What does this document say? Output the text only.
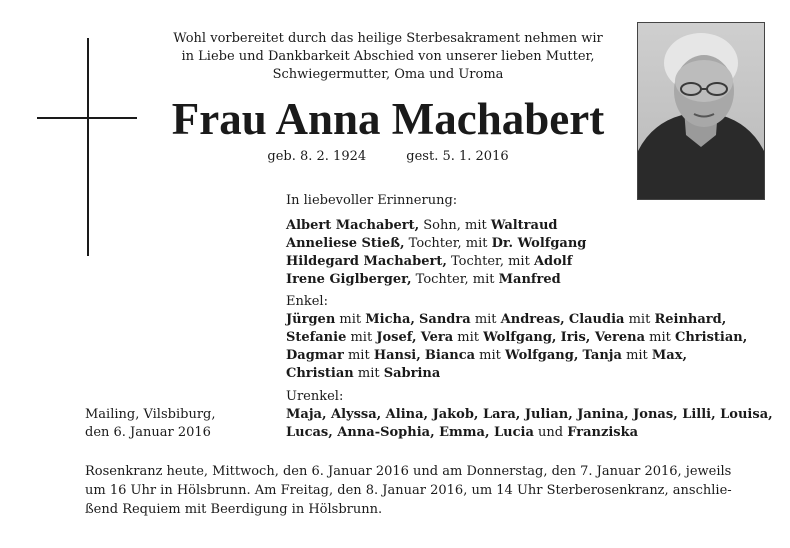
Wohl vorbereitet durch das heilige Sterbesakrament nehmen wir
in Liebe und Dankbarkeit Abschied von unserer lieben Mutter,
Schwiegermutter, Oma und Uroma
Frau Anna Machabert
geb. 8. 2. 1924	gest. 5. 1. 2016
In liebevoller Erinnerung:
Albert Machabert, Sohn, mit Waltraud
Anneliese Stieß, Tochter, mit Dr. Wolfgang
Hildegard Machabert, Tochter, mit Adolf
Irene Giglberger, Tochter, mit Manfred
Enkel:
Jürgen mit Micha, Sandra mit Andreas, Claudia mit Reinhard,
Stefanie mit Josef, Vera mit Wolfgang, Iris, Verena mit Christian,
Dagmar mit Hansi, Bianca mit Wolfgang, Tanja mit Max,
Christian mit Sabrina
Urenkel:
Maja, Alyssa, Alina, Jakob, Lara, Julian, Janina, Jonas, Lilli, Louisa,
Lucas, Anna-Sophia, Emma, Lucia und Franziska
Mailing, Vilsbiburg,
den 6. Januar 2016
Rosenkranz heute, Mittwoch, den 6. Januar 2016 und am Donnerstag, den 7. Januar 2016, jeweils
um 16 Uhr in Hölsbrunn. Am Freitag, den 8. Januar 2016, um 14 Uhr Sterberosenkranz, anschlie-
ßend Requiem mit Beerdigung in Hölsbrunn.
